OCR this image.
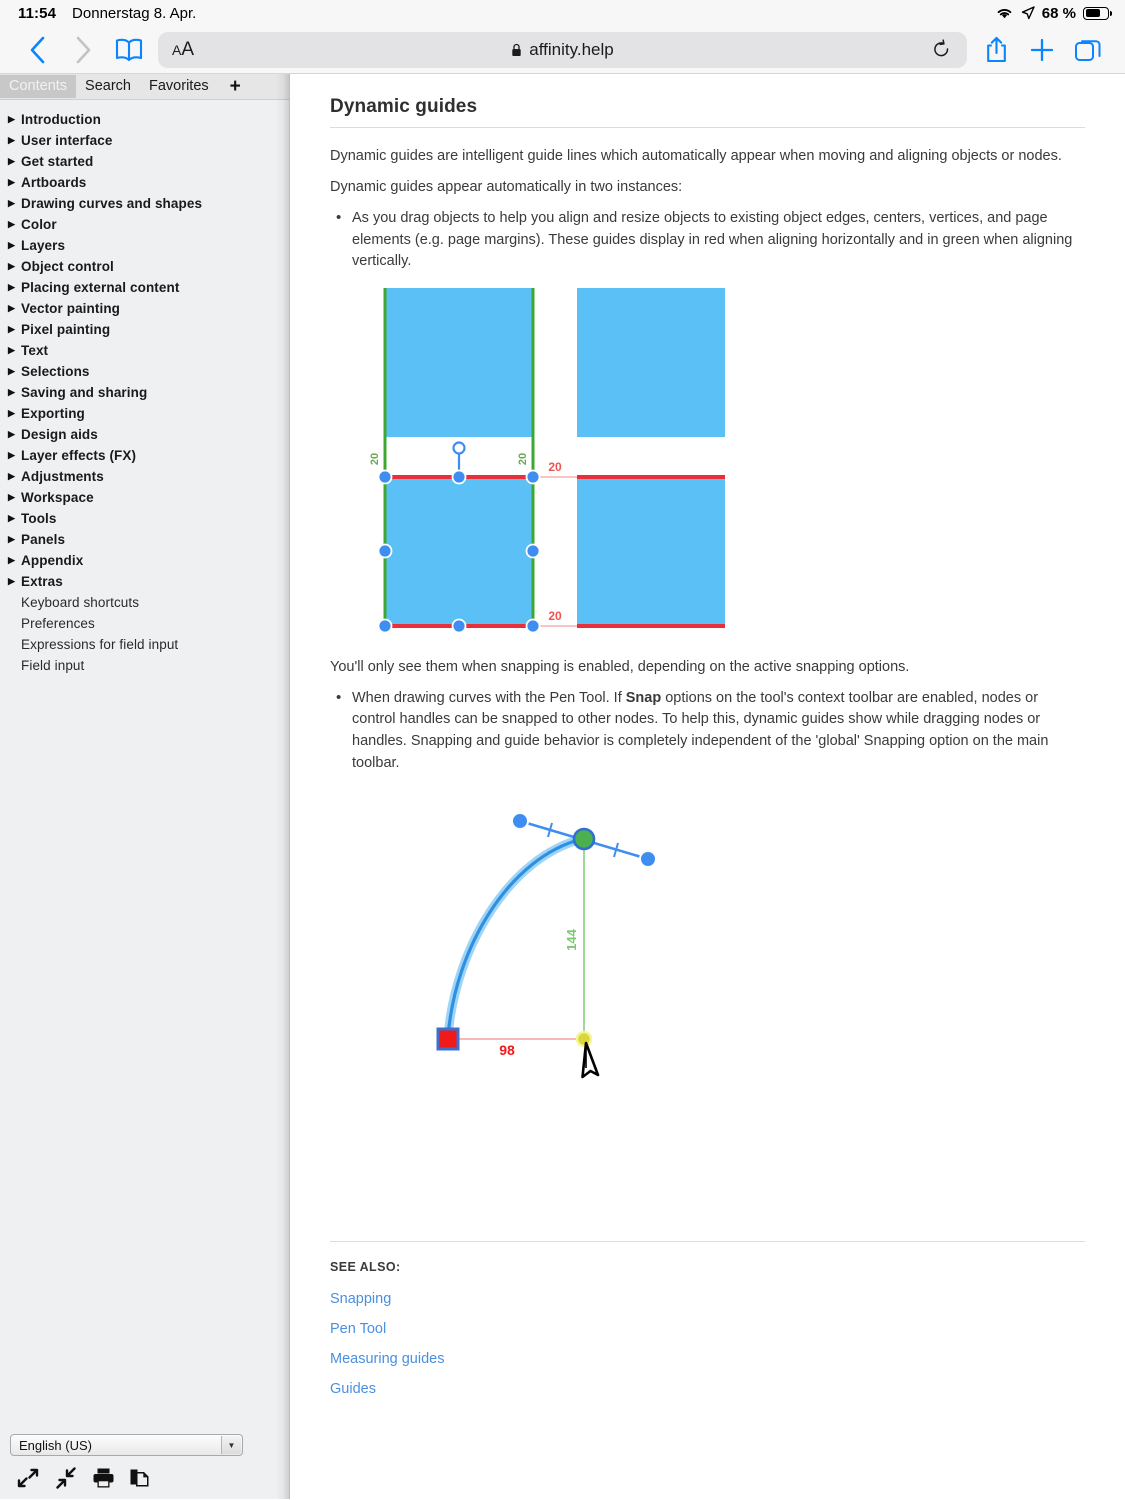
11:54 Donnerstag 8. Apr.	68 %
AA	affinity.help
Contents	Search	Favorites	+
▶ Introduction
▶ User interface
▶ Get started
▶ Artboards
▶ Drawing curves and shapes
▶ Color
▶ Layers
▶ Object control
▶ Placing external content
▶ Vector painting
▶ Pixel painting
▶ Text
▶ Selections
▶ Saving and sharing
▶ Exporting
▶ Design aids
▶ Layer effects (FX)
▶ Adjustments
▶ Workspace
▶ Tools
▶ Panels
▶ Appendix
▶ Extras
Keyboard shortcuts
Preferences
Expressions for field input
Field input
English (US)	▼
Dynamic guides

Dynamic guides are intelligent guide lines which automatically appear when moving and aligning objects or nodes.

Dynamic guides appear automatically in two instances:

• As you drag objects to help you align and resize objects to existing object edges, centers, vertices, and page elements (e.g. page margins). These guides display in red when aligning horizontally and in green when aligning vertically.
20	20
20
20

You'll only see them when snapping is enabled, depending on the active snapping options.

• When drawing curves with the Pen Tool. If Snap options on the tool's context toolbar are enabled, nodes or control handles can be snapped to other nodes. To help this, dynamic guides show while dragging nodes or handles. Snapping and guide behavior is completely independent of the 'global' Snapping option on the main toolbar.
98
144
SEE ALSO:
Snapping
Pen Tool
Measuring guides
Guides
